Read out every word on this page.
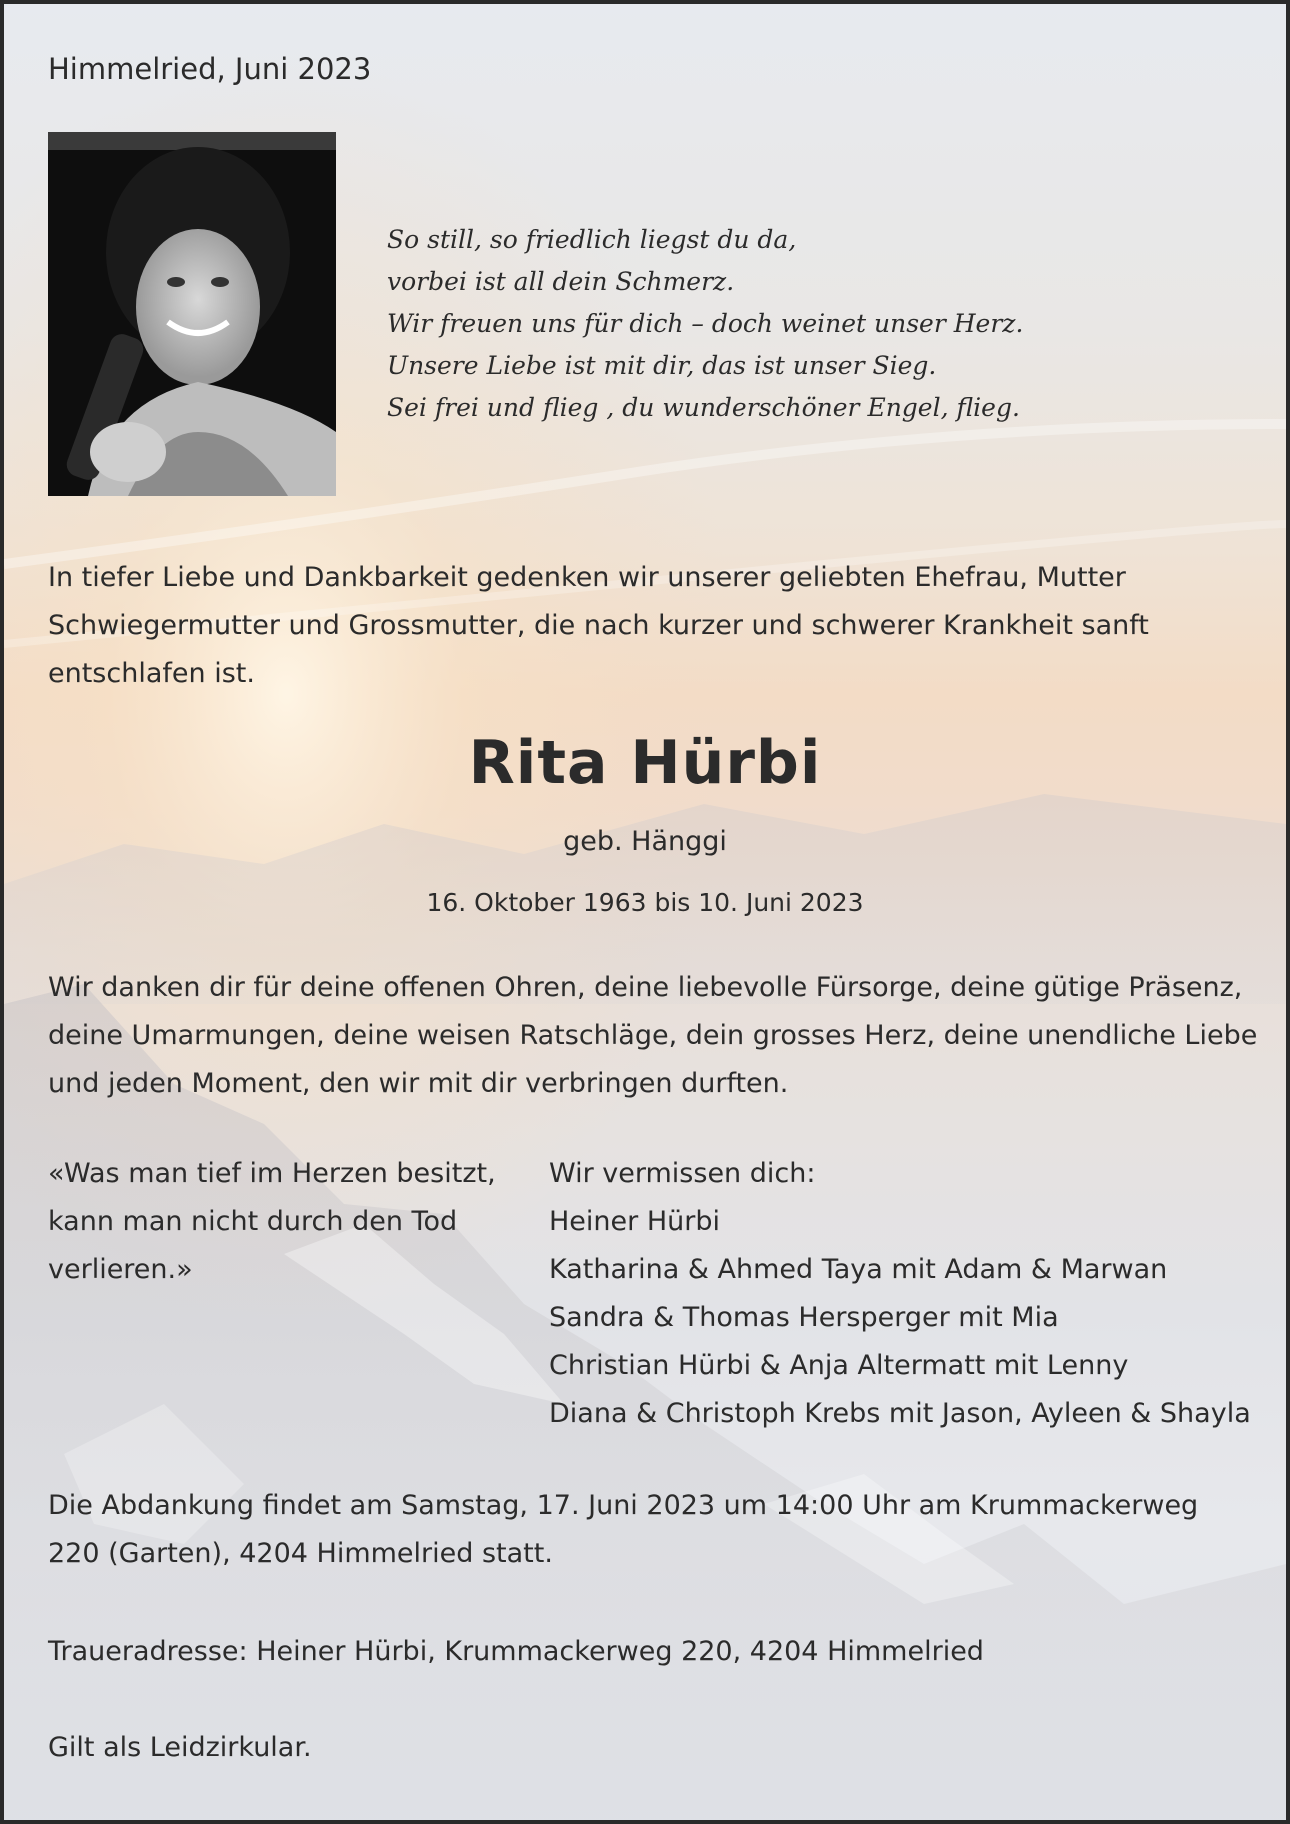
Himmelried, Juni 2023
So still, so friedlich liegst du da,
vorbei ist all dein Schmerz.
Wir freuen uns für dich – doch weinet unser Herz.
Unsere Liebe ist mit dir, das ist unser Sieg.
Sei frei und flieg , du wunderschöner Engel, flieg.
In tiefer Liebe und Dankbarkeit gedenken wir unserer geliebten Ehefrau, Mutter Schwiegermutter und Grossmutter, die nach kurzer und schwerer Krankheit sanft entschlafen ist.
Rita Hürbi
geb. Hänggi
16. Oktober 1963 bis 10. Juni 2023
Wir danken dir für deine offenen Ohren, deine liebevolle Fürsorge, deine gütige Präsenz, deine Umarmungen, deine weisen Ratschläge, dein grosses Herz, deine unendliche Liebe und jeden Moment, den wir mit dir verbringen durften.
«Was man tief im Herzen besitzt, kann man nicht durch den Tod verlieren.»
Wir vermissen dich:
Heiner Hürbi
Katharina & Ahmed Taya mit Adam & Marwan
Sandra & Thomas Hersperger mit Mia
Christian Hürbi & Anja Altermatt mit Lenny
Diana & Christoph Krebs mit Jason, Ayleen & Shayla
Die Abdankung findet am Samstag, 17. Juni 2023 um 14:00 Uhr am Krummackerweg 220 (Garten), 4204 Himmelried statt.
Traueradresse: Heiner Hürbi, Krummackerweg 220, 4204 Himmelried
Gilt als Leidzirkular.
